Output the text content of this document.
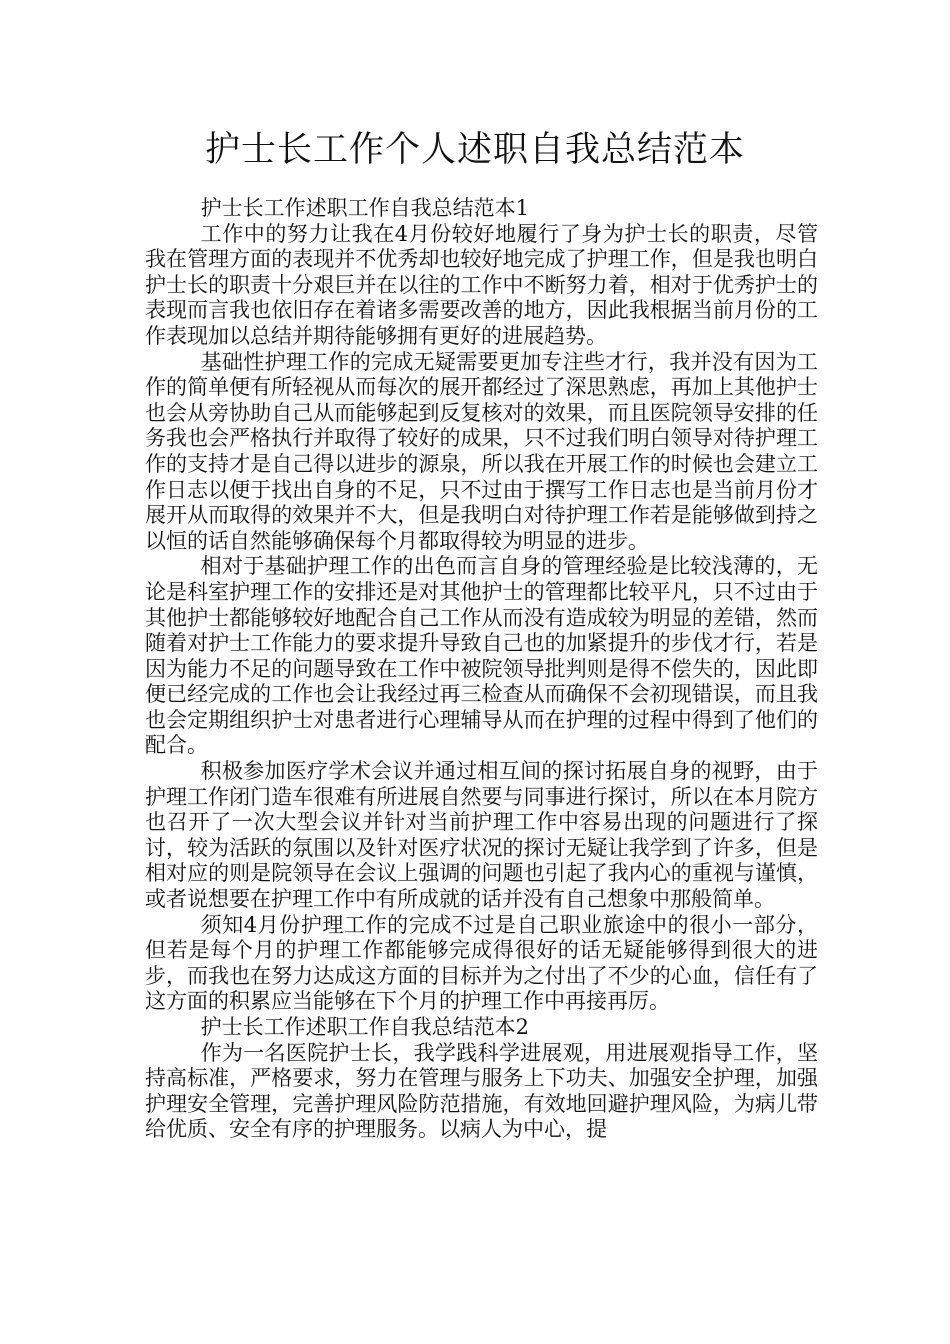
护士长工作个人述职自我总结范本

护士长工作述职工作自我总结范本1

工作中的努力让我在4月份较好地履行了身为护士长的职责，尽管我在管理方面的表现并不优秀却也较好地完成了护理工作，但是我也明白护士长的职责十分艰巨并在以往的工作中不断努力着，相对于优秀护士的表现而言我也依旧存在着诸多需要改善的地方，因此我根据当前月份的工作表现加以总结并期待能够拥有更好的进展趋势。

基础性护理工作的完成无疑需要更加专注些才行，我并没有因为工作的简单便有所轻视从而每次的展开都经过了深思熟虑，再加上其他护士也会从旁协助自己从而能够起到反复核对的效果，而且医院领导安排的任务我也会严格执行并取得了较好的成果，只不过我们明白领导对待护理工作的支持才是自己得以进步的源泉，所以我在开展工作的时候也会建立工作日志以便于找出自身的不足，只不过由于撰写工作日志也是当前月份才展开从而取得的效果并不大，但是我明白对待护理工作若是能够做到持之以恒的话自然能够确保每个月都取得较为明显的进步。

相对于基础护理工作的出色而言自身的管理经验是比较浅薄的，无论是科室护理工作的安排还是对其他护士的管理都比较平凡，只不过由于其他护士都能够较好地配合自己工作从而没有造成较为明显的差错，然而随着对护士工作能力的要求提升导致自己也的加紧提升的步伐才行，若是因为能力不足的问题导致在工作中被院领导批判则是得不偿失的，因此即便已经完成的工作也会让我经过再三检查从而确保不会初现错误，而且我也会定期组织护士对患者进行心理辅导从而在护理的过程中得到了他们的配合。

积极参加医疗学术会议并通过相互间的探讨拓展自身的视野，由于护理工作闭门造车很难有所进展自然要与同事进行探讨，所以在本月院方也召开了一次大型会议并针对当前护理工作中容易出现的问题进行了探讨，较为活跃的氛围以及针对医疗状况的探讨无疑让我学到了许多，但是相对应的则是院领导在会议上强调的问题也引起了我内心的重视与谨慎，或者说想要在护理工作中有所成就的话并没有自己想象中那般简单。

须知4月份护理工作的完成不过是自己职业旅途中的很小一部分，但若是每个月的护理工作都能够完成得很好的话无疑能够得到很大的进步，而我也在努力达成这方面的目标并为之付出了不少的心血，信任有了这方面的积累应当能够在下个月的护理工作中再接再厉。

护士长工作述职工作自我总结范本2

作为一名医院护士长，我学践科学进展观，用进展观指导工作，坚持高标准，严格要求，努力在管理与服务上下功夫、加强安全护理，加强护理安全管理，完善护理风险防范措施，有效地回避护理风险，为病儿带给优质、安全有序的护理服务。以病人为中心，提
